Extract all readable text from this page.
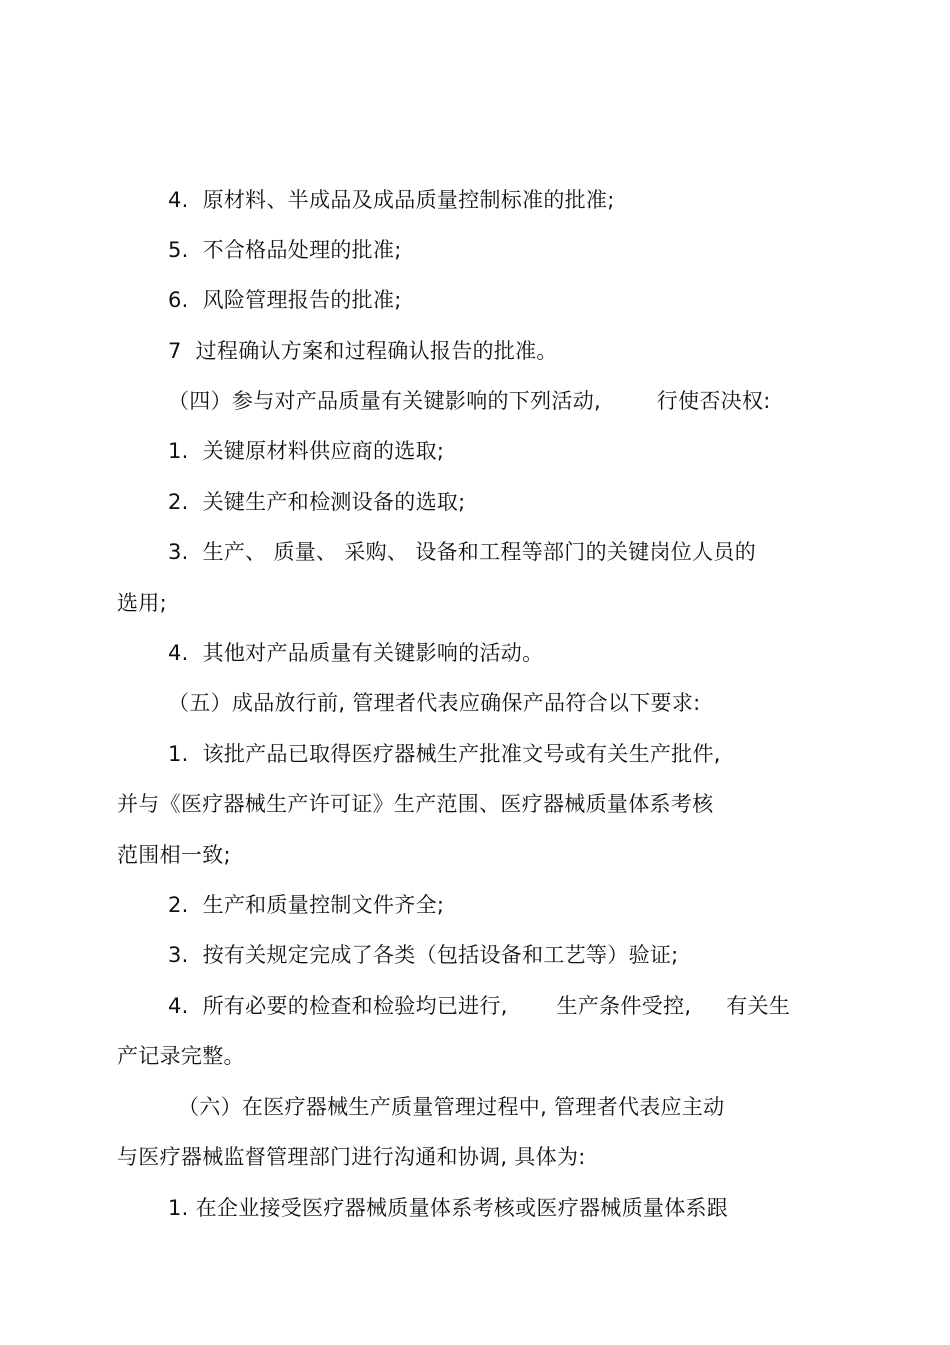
4.  原材料、半成品及成品质量控制标准的批准;

5.  不合格品处理的批准;

6.  风险管理报告的批准;

7  过程确认方案和过程确认报告的批准。

（四）参与对产品质量有关键影响的下列活动,        行使否决权:

1.  关键原材料供应商的选取;

2.  关键生产和检测设备的选取;

3.  生产、 质量、 采购、 设备和工程等部门的关键岗位人员的

选用;

4.  其他对产品质量有关键影响的活动。

（五）成品放行前, 管理者代表应确保产品符合以下要求:

1.  该批产品已取得医疗器械生产批准文号或有关生产批件,

并与《医疗器械生产许可证》生产范围、医疗器械质量体系考核

范围相一致;

2.  生产和质量控制文件齐全;

3.  按有关规定完成了各类（包括设备和工艺等）验证;

4.  所有必要的检查和检验均已进行,       生产条件受控,     有关生

产记录完整。

（六）在医疗器械生产质量管理过程中, 管理者代表应主动

与医疗器械监督管理部门进行沟通和协调, 具体为:

1. 在企业接受医疗器械质量体系考核或医疗器械质量体系跟
